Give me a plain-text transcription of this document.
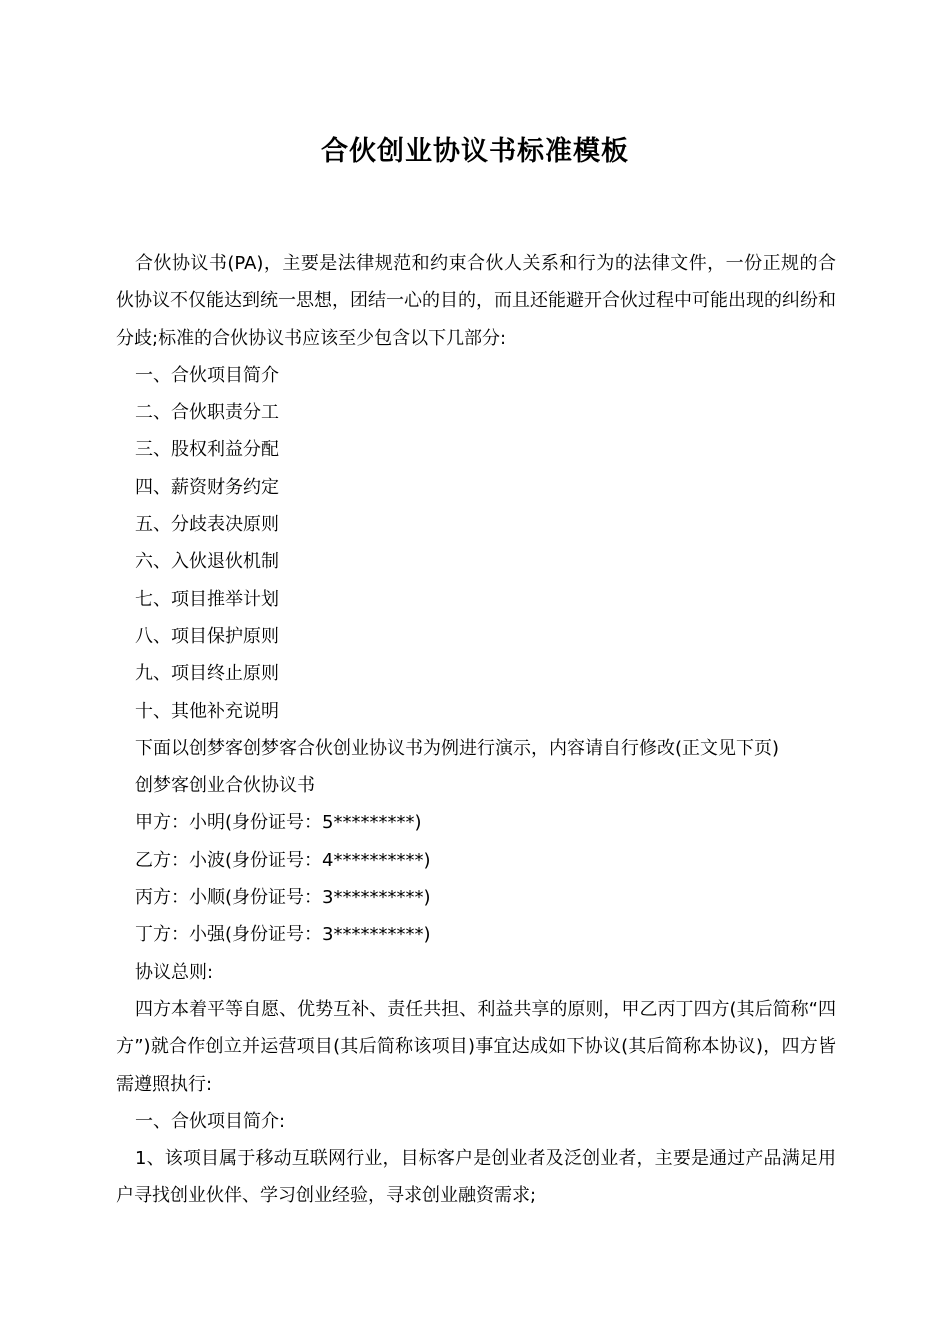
合伙创业协议书标准模板

合伙协议书(PA)，主要是法律规范和约束合伙人关系和行为的法律文件，一份正规的合伙协议不仅能达到统一思想，团结一心的目的，而且还能避开合伙过程中可能出现的纠纷和分歧;标准的合伙协议书应该至少包含以下几部分:

一、合伙项目简介

二、合伙职责分工

三、股权利益分配

四、薪资财务约定

五、分歧表决原则

六、入伙退伙机制

七、项目推举计划

八、项目保护原则

九、项目终止原则

十、其他补充说明

下面以创梦客创梦客合伙创业协议书为例进行演示，内容请自行修改(正文见下页)

创梦客创业合伙协议书

甲方：小明(身份证号：5*********)

乙方：小波(身份证号：4**********)

丙方：小顺(身份证号：3**********)

丁方：小强(身份证号：3**********)

协议总则:

四方本着平等自愿、优势互补、责任共担、利益共享的原则，甲乙丙丁四方(其后简称“四方”)就合作创立并运营项目(其后简称该项目)事宜达成如下协议(其后简称本协议)，四方皆需遵照执行:

一、合伙项目简介:

1、该项目属于移动互联网行业，目标客户是创业者及泛创业者，主要是通过产品满足用户寻找创业伙伴、学习创业经验，寻求创业融资需求;
